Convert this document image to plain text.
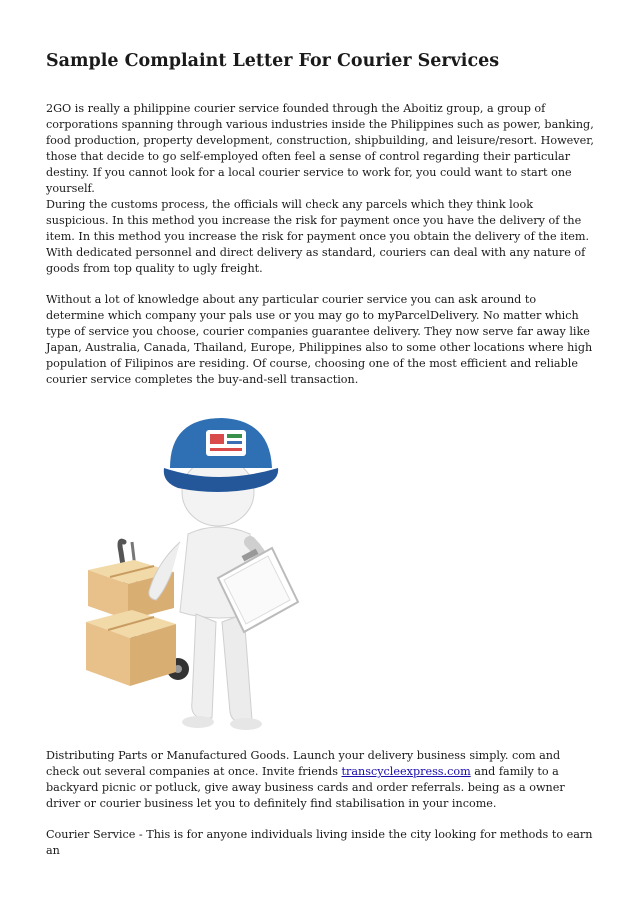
Sample Complaint Letter For Courier Services

2GO is really a philippine courier service founded through the Aboitiz group, a group of corporations spanning through various industries inside the Philippines such as power, banking, food production, property development, construction, shipbuilding, and leisure/resort. However, those that decide to go self-employed often feel a sense of control regarding their particular destiny. If you cannot look for a local courier service to work for, you could want to start one yourself.

During the customs process, the officials will check any parcels which they think look suspicious. In this method you increase the risk for payment once you have the delivery of the item. In this method you increase the risk for payment once you obtain the delivery of the item. With dedicated personnel and direct delivery as standard, couriers can deal with any nature of goods from top quality to ugly freight.

Without a lot of knowledge about any particular courier service you can ask around to determine which company your pals use or you may go to myParcelDelivery. No matter which type of service you choose, courier companies guarantee delivery. They now serve far away like Japan, Australia, Canada, Thailand, Europe, Philippines also to some other locations where high population of Filipinos are residing. Of course, choosing one of the most efficient and reliable courier service completes the buy-and-sell transaction.

Distributing Parts or Manufactured Goods. Launch your delivery business simply. com and check out several companies at once. Invite friends transcycleexpress.com and family to a backyard picnic or potluck, give away business cards and order referrals. being as a owner driver or courier business let you to definitely find stabilisation in your income.

Courier Service - This is for anyone individuals living inside the city looking for methods to earn an
